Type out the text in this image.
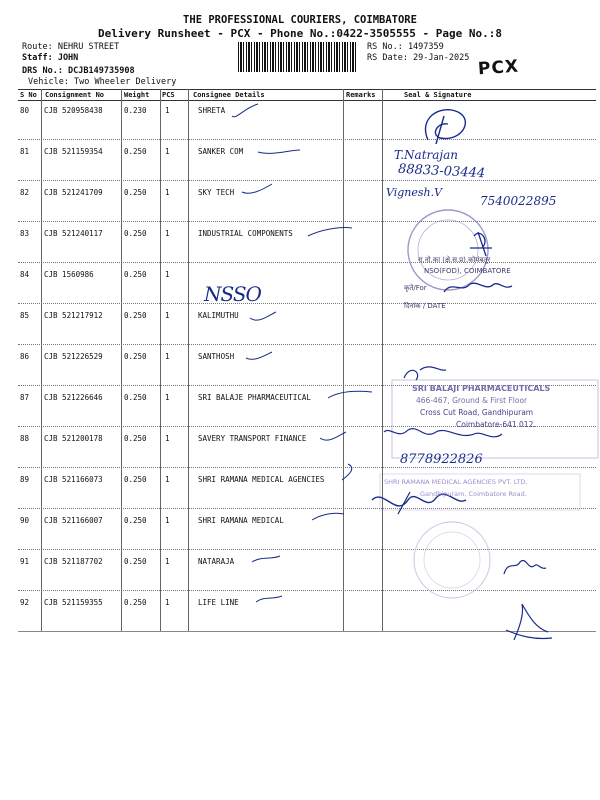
THE PROFESSIONAL COURIERS, COIMBATORE
Delivery Runsheet - PCX - Phone No.:0422-3505555 - Page No.:8
Route: NEHRU STREET
Staff: JOHN
DRS No.: DCJB149735908
Vehicle: Two Wheeler Delivery
RS No.: 1497359
RS Date: 29-Jan-2025 PCX
S No Consignment No	Weight PCS	Consignee Details	Remarks	Seal & Signature
80 CJB 520958438	0.230 1	SHRETA
81 CJB 521159354	0.250 1	SANKER COM
82 CJB 521241709	0.250 1	SKY TECH
83 CJB 521240117	0.250 1	INDUSTRIAL COMPONENTS
84 CJB 1560986	0.250 1
85 CJB 521217912	0.250 1	KALIMUTHU
86 CJB 521226529	0.250 1	SANTHOSH
87 CJB 521226646	0.250 1	SRI BALAJE PHARMACEUTICAL
88 CJB 521200178	0.250 1	SAVERY TRANSPORT FINANCE
89 CJB 521166073	0.250 1	SHRI RAMANA MEDICAL AGENCIES
90 CJB 521166007	0.250 1	SHRI RAMANA MEDICAL
91 CJB 521187702	0.250 1	NATARAJA
92 CJB 521159355	0.250 1	LIFE LINE
T.Natrajan
88833-03444
Vignesh.V
7540022895
NSSO
8778922826
रा.नो.का (क्षे.स.प्र).कोयंबतूर
NSO(FOD), COIMBATORE
कृते/For
दिनांक / DATE
SRI BALAJI PHARMACEUTICALS
466-467, Ground & First Floor
Cross Cut Road, Gandhipuram
Coimbatore-641 012.
SHRI RAMANA MEDICAL AGENCIES PVT. LTD.
Gandhipuram, Coimbatore Road.
